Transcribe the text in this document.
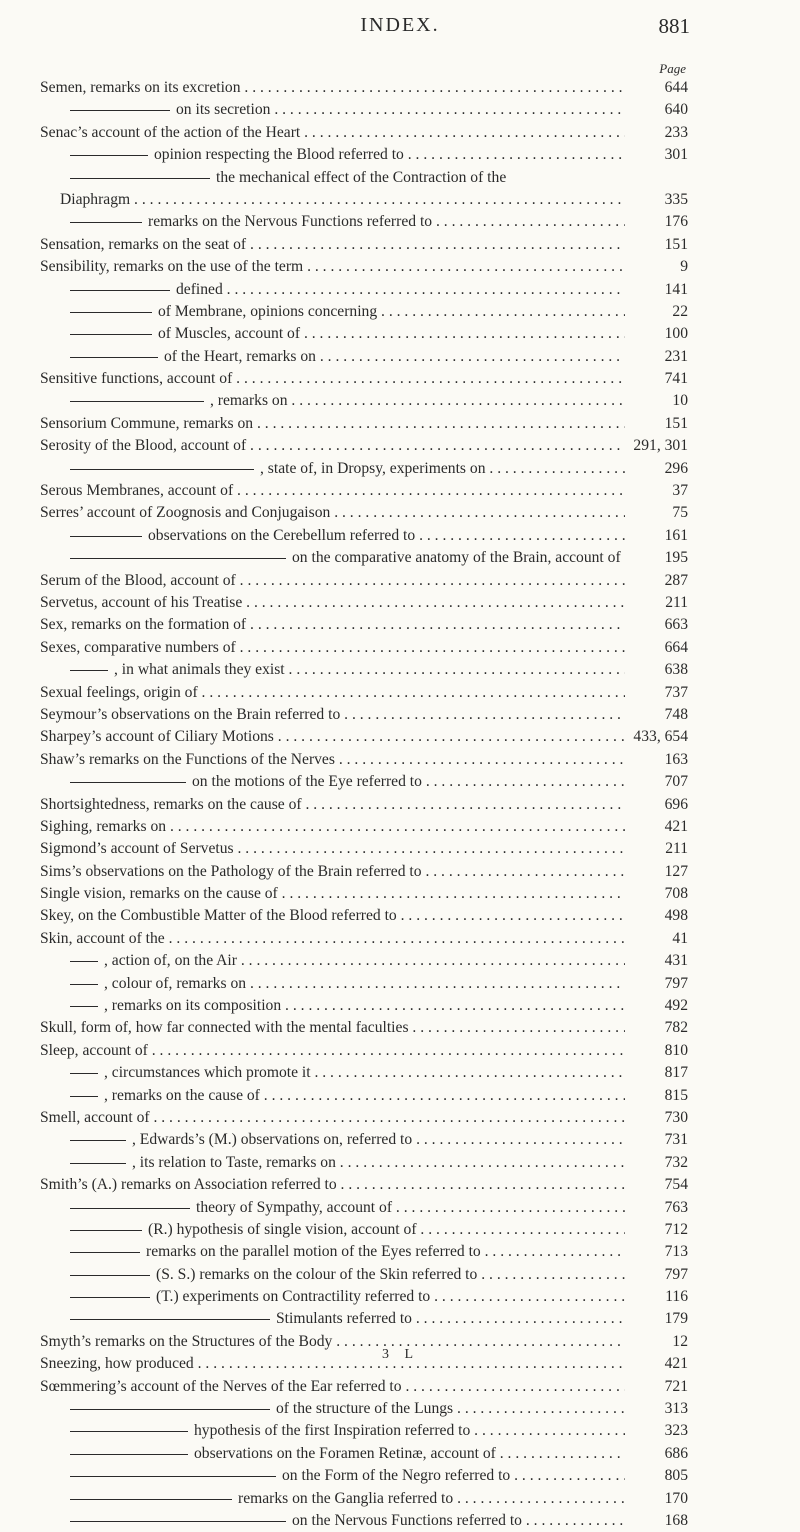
INDEX.	881
Page
Semen, remarks on its excretion . . .	644
on its secretion . . .	640
Senac’s account of the action of the Heart . . .	233
opinion respecting the Blood referred to . . .	301
the mechanical effect of the Contraction of the
Diaphragm . . .	335
remarks on the Nervous Functions referred to . . .	176
Sensation, remarks on the seat of . . .	151
Sensibility, remarks on the use of the term . . .	9
defined . . .	141
of Membrane, opinions concerning . . .	22
of Muscles, account of . . .	100
of the Heart, remarks on . . .	231
Sensitive functions, account of . . .	741
, remarks on . . .	10
Sensorium Commune, remarks on . . .	151
Serosity of the Blood, account of . . .	291, 301
, state of, in Dropsy, experiments on . . .	296
Serous Membranes, account of . . .	37
Serres’ account of Zoognosis and Conjugaison . . .	75
observations on the Cerebellum referred to . . .	161
on the comparative anatomy of the Brain, account of . . .	195
Serum of the Blood, account of . . .	287
Servetus, account of his Treatise . . .	211
Sex, remarks on the formation of . . .	663
Sexes, comparative numbers of . . .	664
, in what animals they exist . . .	638
Sexual feelings, origin of . . .	737
Seymour’s observations on the Brain referred to . . .	748
Sharpey’s account of Ciliary Motions . . .	433, 654
Shaw’s remarks on the Functions of the Nerves . . .	163
on the motions of the Eye referred to . . .	707
Shortsightedness, remarks on the cause of . . .	696
Sighing, remarks on . . .	421
Sigmond’s account of Servetus . . .	211
Sims’s observations on the Pathology of the Brain referred to . . .	127
Single vision, remarks on the cause of . . .	708
Skey, on the Combustible Matter of the Blood referred to . . .	498
Skin, account of the . . .	41
, action of, on the Air . . .	431
, colour of, remarks on . . .	797
, remarks on its composition . . .	492
Skull, form of, how far connected with the mental faculties . . .	782
Sleep, account of . . .	810
, circumstances which promote it . . .	817
, remarks on the cause of . . .	815
Smell, account of . . .	730
, Edwards’s (M.) observations on, referred to . . .	731
, its relation to Taste, remarks on . . .	732
Smith’s (A.) remarks on Association referred to . . .	754
theory of Sympathy, account of . . .	763
(R.) hypothesis of single vision, account of . . .	712
remarks on the parallel motion of the Eyes referred to . . .	713
(S. S.) remarks on the colour of the Skin referred to . . .	797
(T.) experiments on Contractility referred to . . .	116
Stimulants referred to . . .	179
Smyth’s remarks on the Structures of the Body . . .	12
Sneezing, how produced . . .	421
Sœmmering’s account of the Nerves of the Ear referred to . . .	721
of the structure of the Lungs . . .	313
hypothesis of the first Inspiration referred to . . .	323
observations on the Foramen Retinæ, account of . . .	686
on the Form of the Negro referred to . . .	805
remarks on the Ganglia referred to . . .	170
on the Nervous Functions referred to . . .	168
3 L
